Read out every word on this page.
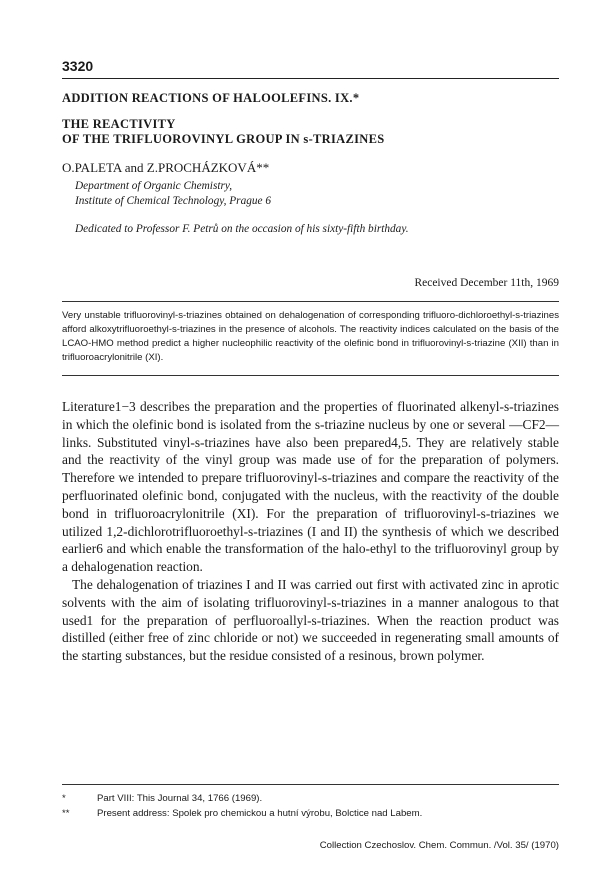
3320
ADDITION REACTIONS OF HALOOLEFINS. IX.*
THE REACTIVITY
OF THE TRIFLUOROVINYL GROUP IN s-TRIAZINES
O.PALETA and Z.PROCHÁZKOVÁ**
Department of Organic Chemistry,
Institute of Chemical Technology, Prague 6
Dedicated to Professor F. Petrů on the occasion of his sixty-fifth birthday.
Received December 11th, 1969
Very unstable trifluorovinyl-s-triazines obtained on dehalogenation of corresponding trifluoro-dichloroethyl-s-triazines afford alkoxytrifluoroethyl-s-triazines in the presence of alcohols. The reactivity indices calculated on the basis of the LCAO-HMO method predict a higher nucleophilic reactivity of the olefinic bond in trifluorovinyl-s-triazine (XII) than in trifluoroacrylonitrile (XI).

Literature1−3 describes the preparation and the properties of fluorinated alkenyl-s-triazines in which the olefinic bond is isolated from the s-triazine nucleus by one or several —CF2— links. Substituted vinyl-s-triazines have also been prepared4,5. They are relatively stable and the reactivity of the vinyl group was made use of for the preparation of polymers. Therefore we intended to prepare trifluorovinyl-s-triazines and compare the reactivity of the perfluorinated olefinic bond, conjugated with the nucleus, with the reactivity of the double bond in trifluoroacrylonitrile (XI). For the preparation of trifluorovinyl-s-triazines we utilized 1,2-dichlorotrifluoroethyl-s-triazines (I and II) the synthesis of which we described earlier6 and which enable the transformation of the halo-ethyl to the trifluorovinyl group by a dehalogenation reaction.

The dehalogenation of triazines I and II was carried out first with activated zinc in aprotic solvents with the aim of isolating trifluorovinyl-s-triazines in a manner analogous to that used1 for the preparation of perfluoroallyl-s-triazines. When the reaction product was distilled (either free of zinc chloride or not) we succeeded in regenerating small amounts of the starting substances, but the residue consisted of a resinous, brown polymer.

*	Part VIII: This Journal 34, 1766 (1969).
**	Present address: Spolek pro chemickou a hutní výrobu, Bolctice nad Labem.
Collection Czechoslov. Chem. Commun. /Vol. 35/ (1970)
